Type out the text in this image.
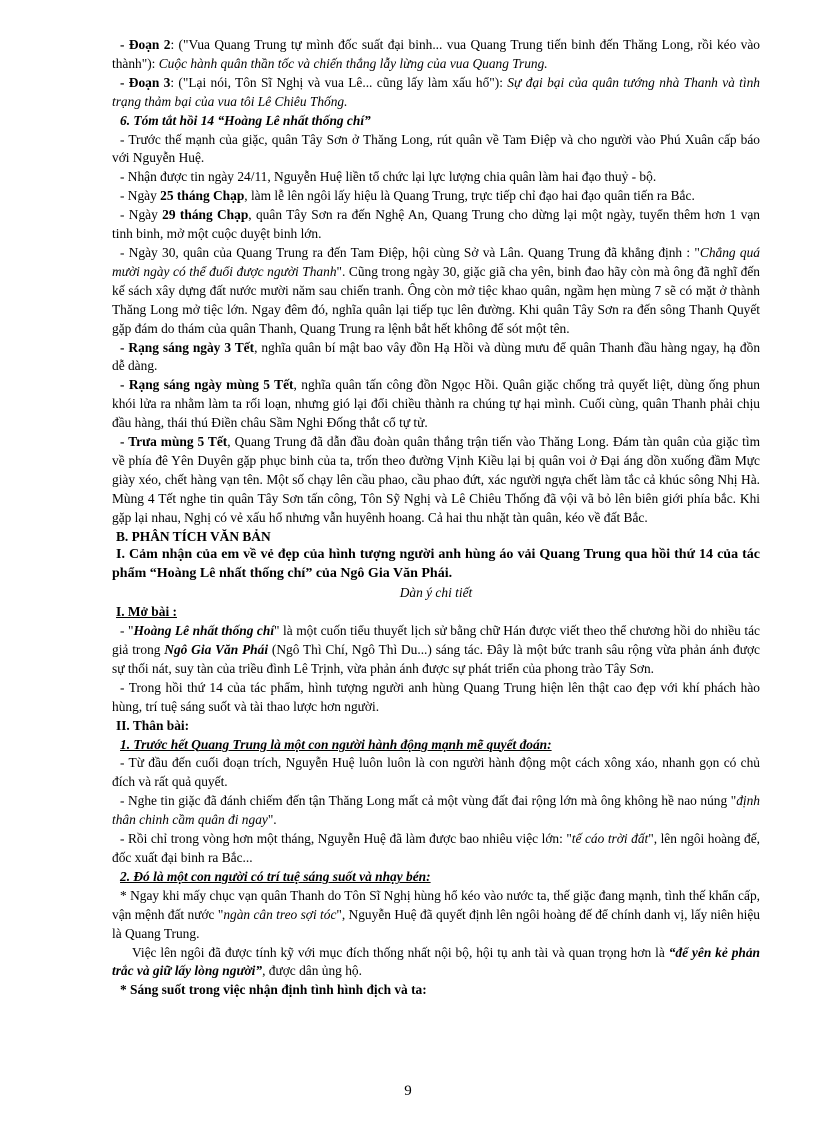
- Đoạn 2: ("Vua Quang Trung tự mình đốc suất đại binh... vua Quang Trung tiến binh đến Thăng Long, rồi kéo vào thành"): Cuộc hành quân thần tốc và chiến thắng lẫy lừng của vua Quang Trung.

- Đoạn 3: ("Lại nói, Tôn Sĩ Nghị và vua Lê... cũng lấy làm xấu hổ"): Sự đại bại của quân tướng nhà Thanh và tình trạng thảm bại của vua tôi Lê Chiêu Thống.

6. Tóm tắt hồi 14 “Hoàng Lê nhất thống chí”

- Trước thế mạnh của giặc, quân Tây Sơn ở Thăng Long, rút quân về Tam Điệp và cho người vào Phú Xuân cấp báo với Nguyễn Huệ.

- Nhận được tin ngày 24/11, Nguyễn Huệ liền tổ chức lại lực lượng chia quân làm hai đạo thuỷ - bộ.

- Ngày 25 tháng Chạp, làm lễ lên ngôi lấy hiệu là Quang Trung, trực tiếp chỉ đạo hai đạo quân tiến ra Bắc.

- Ngày 29 tháng Chạp, quân Tây Sơn ra đến Nghệ An, Quang Trung cho dừng lại một ngày, tuyển thêm hơn 1 vạn tinh binh, mở một cuộc duyệt binh lớn.

- Ngày 30, quân của Quang Trung ra đến Tam Điệp, hội cùng Sở và Lân. Quang Trung đã khẳng định : "Chẳng quá mười ngày có thể đuổi được người Thanh". Cũng trong ngày 30, giặc giã cha yên, binh đao hãy còn mà ông đã nghĩ đến kế sách xây dựng đất nước mười năm sau chiến tranh. Ông còn mở tiệc khao quân, ngầm hẹn mùng 7 sẽ có mặt ở thành Thăng Long mở tiệc lớn. Ngay đêm đó, nghĩa quân lại tiếp tục lên đường. Khi quân Tây Sơn ra đến sông Thanh Quyết gặp đám do thám của quân Thanh, Quang Trung ra lệnh bắt hết không để sót một tên.

- Rạng sáng ngày 3 Tết, nghĩa quân bí mật bao vây đồn Hạ Hồi và dùng mưu để quân Thanh đầu hàng ngay, hạ đồn dễ dàng.

- Rạng sáng ngày mùng 5 Tết, nghĩa quân tấn công đồn Ngọc Hồi. Quân giặc chống trả quyết liệt, dùng ống phun khói lửa ra nhằm làm ta rối loạn, nhưng gió lại đổi chiều thành ra chúng tự hại mình. Cuối cùng, quân Thanh phải chịu đầu hàng, thái thú Điền châu Sầm Nghi Đống thắt cổ tự tử.

- Trưa mùng 5 Tết, Quang Trung đã dẫn đầu đoàn quân thắng trận tiến vào Thăng Long. Đám tàn quân của giặc tìm về phía đê Yên Duyên gặp phục binh của ta, trốn theo đường Vịnh Kiều lại bị quân voi ở Đại áng dồn xuống đầm Mực giày xéo, chết hàng vạn tên. Một số chạy lên cầu phao, cầu phao đứt, xác người ngựa chết làm tắc cả khúc sông Nhị Hà. Mùng 4 Tết nghe tin quân Tây Sơn tấn công, Tôn Sỹ Nghị và Lê Chiêu Thống đã vội vã bỏ lên biên giới phía bắc. Khi gặp lại nhau, Nghị có vẻ xấu hổ nhưng vẫn huyênh hoang. Cả hai thu nhặt tàn quân, kéo về đất Bắc.

B. PHÂN TÍCH VĂN BẢN

I. Cảm nhận của em về vẻ đẹp của hình tượng người anh hùng áo vải Quang Trung qua hồi thứ 14 của tác phẩm “Hoàng Lê nhất thống chí” của Ngô Gia Văn Phái.

Dàn ý chi tiết

I. Mở bài :

- "Hoàng Lê nhất thống chí" là một cuốn tiểu thuyết lịch sử bằng chữ Hán được viết theo thể chương hồi do nhiều tác giả trong Ngô Gia Văn Phái (Ngô Thì Chí, Ngô Thì Du...) sáng tác. Đây là một bức tranh sâu rộng vừa phản ánh được sự thối nát, suy tàn của triều đình Lê Trịnh, vừa phản ánh được sự phát triển của phong trào Tây Sơn.

- Trong hồi thứ 14 của tác phẩm, hình tượng người anh hùng Quang Trung hiện lên thật cao đẹp với khí phách hào hùng, trí tuệ sáng suốt và tài thao lược hơn người.

II. Thân bài:

1. Trước hết Quang Trung là một con người hành động mạnh mẽ quyết đoán:

- Từ đầu đến cuối đoạn trích, Nguyễn Huệ luôn luôn là con người hành động một cách xông xáo, nhanh gọn có chủ đích và rất quả quyết.

- Nghe tin giặc đã đánh chiếm đến tận Thăng Long mất cả một vùng đất đai rộng lớn mà ông không hề nao núng "định thân chinh cầm quân đi ngay".

- Rồi chỉ trong vòng hơn một tháng, Nguyễn Huệ đã làm được bao nhiêu việc lớn: "tế cáo trời đất", lên ngôi hoàng đế, đốc xuất đại binh ra Bắc...

2. Đó là một con người có trí tuệ sáng suốt và nhạy bén:

* Ngay khi mấy chục vạn quân Thanh do Tôn Sĩ Nghị hùng hổ kéo vào nước ta, thế giặc đang mạnh, tình thế khẩn cấp, vận mệnh đất nước "ngàn cân treo sợi tóc", Nguyễn Huệ đã quyết định lên ngôi hoàng đế để chính danh vị, lấy niên hiệu là Quang Trung.

Việc lên ngôi đã được tính kỹ với mục đích thống nhất nội bộ, hội tụ anh tài và quan trọng hơn là “để yên kẻ phản trắc và giữ lấy lòng người”, được dân ủng hộ.

* Sáng suốt trong việc nhận định tình hình địch và ta:

9
